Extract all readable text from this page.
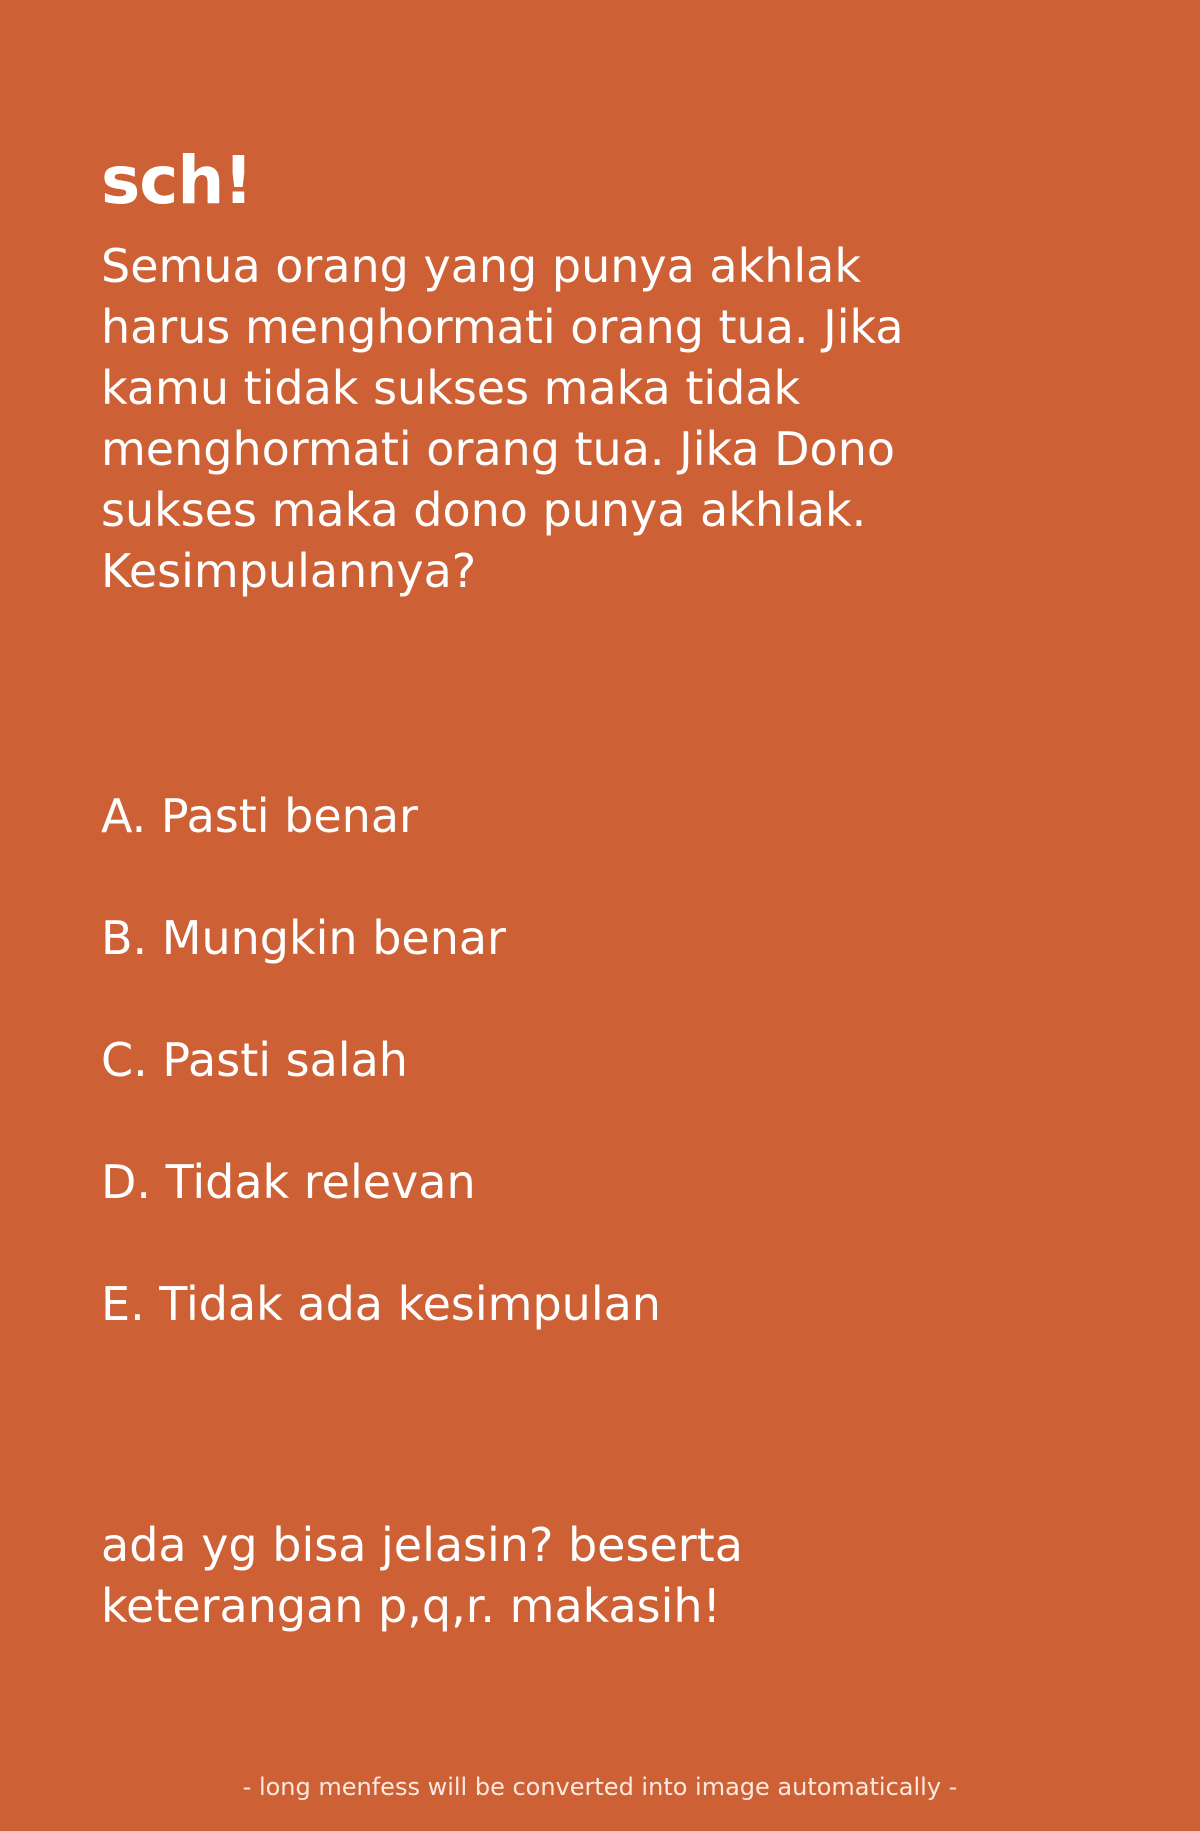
sch!

Semua orang yang punya akhlak
harus menghormati orang tua. Jika
kamu tidak sukses maka tidak
menghormati orang tua. Jika Dono
sukses maka dono punya akhlak.
Kesimpulannya?

A. Pasti benar
B. Mungkin benar
C. Pasti salah
D. Tidak relevan
E. Tidak ada kesimpulan

ada yg bisa jelasin? beserta
keterangan p,q,r. makasih!

- long menfess will be converted into image automatically -
